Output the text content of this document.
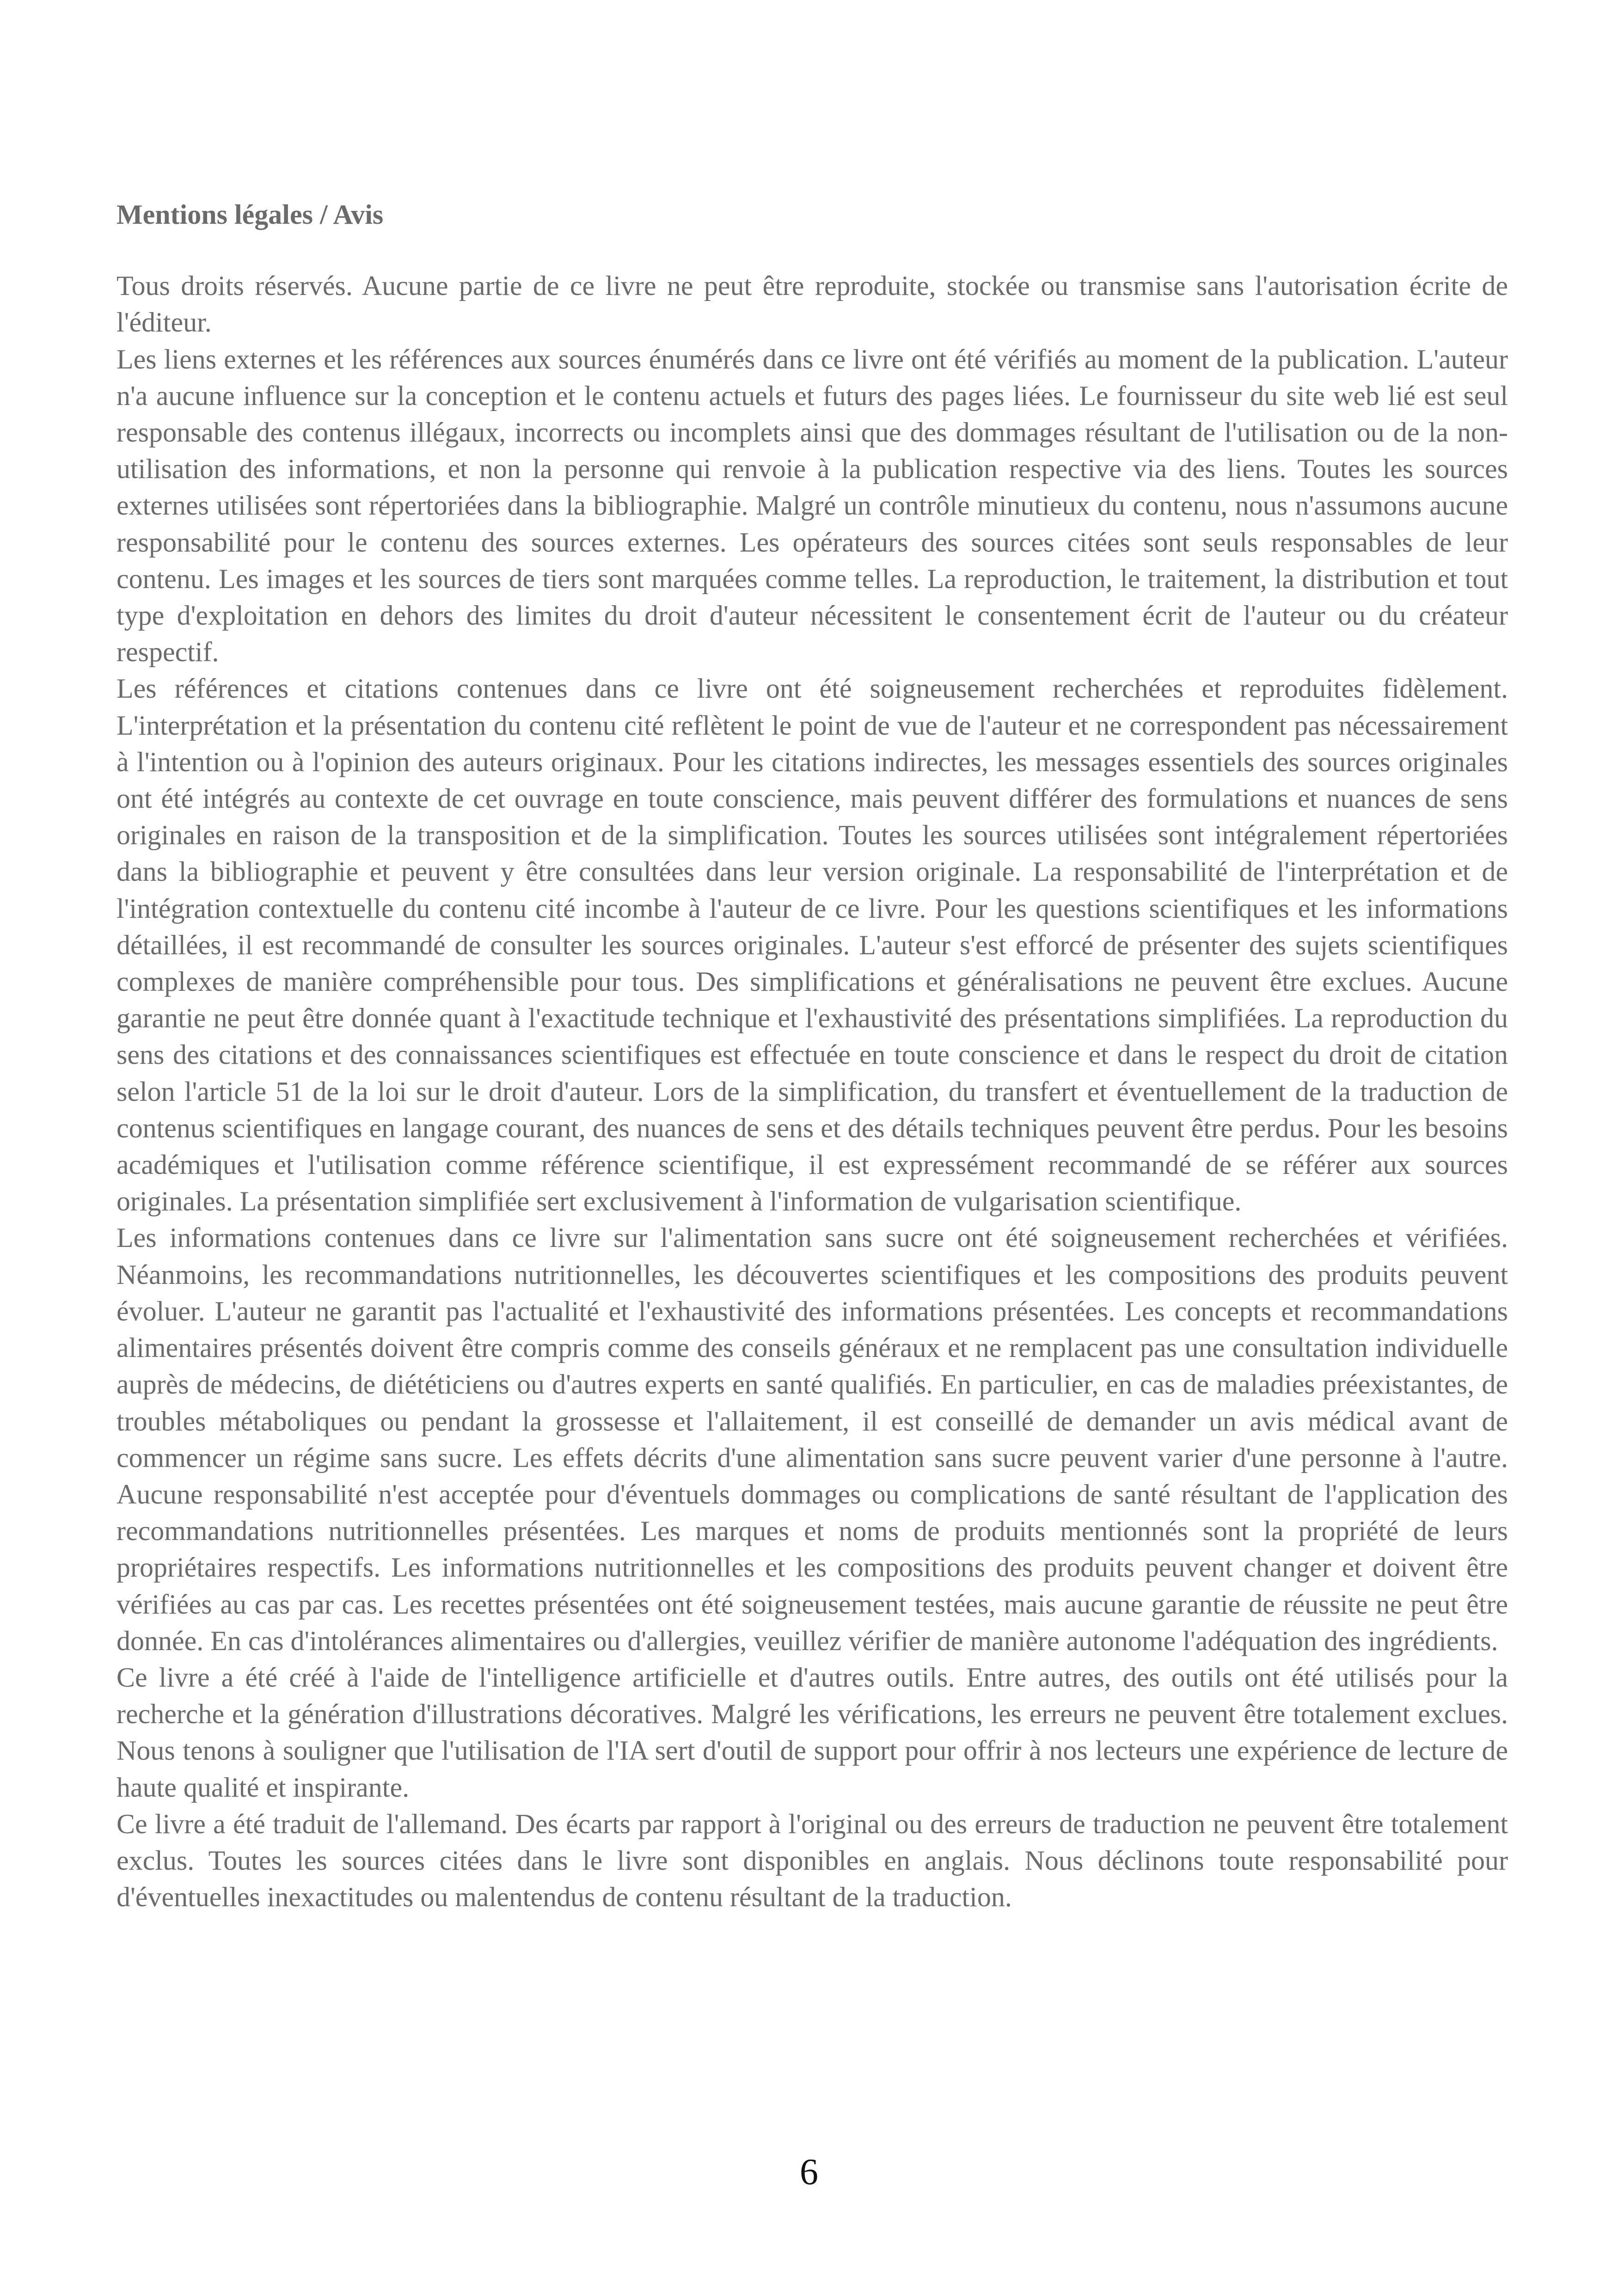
Mentions légales / Avis

Tous droits réservés. Aucune partie de ce livre ne peut être reproduite, stockée ou transmise sans l'autorisation écrite de l'éditeur.

Les liens externes et les références aux sources énumérés dans ce livre ont été vérifiés au moment de la publication. L'auteur n'a aucune influence sur la conception et le contenu actuels et futurs des pages liées. Le fournisseur du site web lié est seul responsable des contenus illégaux, incorrects ou incomplets ainsi que des dommages résultant de l'utilisation ou de la non-utilisation des informations, et non la personne qui renvoie à la publication respective via des liens. Toutes les sources externes utilisées sont répertoriées dans la bibliographie. Malgré un contrôle minutieux du contenu, nous n'assumons aucune responsabilité pour le contenu des sources externes. Les opérateurs des sources citées sont seuls responsables de leur contenu. Les images et les sources de tiers sont marquées comme telles. La reproduction, le traitement, la distribution et tout type d'exploitation en dehors des limites du droit d'auteur nécessitent le consentement écrit de l'auteur ou du créateur respectif.

Les références et citations contenues dans ce livre ont été soigneusement recherchées et reproduites fidèlement. L'interprétation et la présentation du contenu cité reflètent le point de vue de l'auteur et ne correspondent pas nécessairement à l'intention ou à l'opinion des auteurs originaux. Pour les citations indirectes, les messages essentiels des sources originales ont été intégrés au contexte de cet ouvrage en toute conscience, mais peuvent différer des formulations et nuances de sens originales en raison de la transposition et de la simplification. Toutes les sources utilisées sont intégralement répertoriées dans la bibliographie et peuvent y être consultées dans leur version originale. La responsabilité de l'interprétation et de l'intégration contextuelle du contenu cité incombe à l'auteur de ce livre. Pour les questions scientifiques et les informations détaillées, il est recommandé de consulter les sources originales. L'auteur s'est efforcé de présenter des sujets scientifiques complexes de manière compréhensible pour tous. Des simplifications et généralisations ne peuvent être exclues. Aucune garantie ne peut être donnée quant à l'exactitude technique et l'exhaustivité des présentations simplifiées. La reproduction du sens des citations et des connaissances scientifiques est effectuée en toute conscience et dans le respect du droit de citation selon l'article 51 de la loi sur le droit d'auteur. Lors de la simplification, du transfert et éventuellement de la traduction de contenus scientifiques en langage courant, des nuances de sens et des détails techniques peuvent être perdus. Pour les besoins académiques et l'utilisation comme référence scientifique, il est expressément recommandé de se référer aux sources originales. La présentation simplifiée sert exclusivement à l'information de vulgarisation scientifique.

Les informations contenues dans ce livre sur l'alimentation sans sucre ont été soigneusement recherchées et vérifiées. Néanmoins, les recommandations nutritionnelles, les découvertes scientifiques et les compositions des produits peuvent évoluer. L'auteur ne garantit pas l'actualité et l'exhaustivité des informations présentées. Les concepts et recommandations alimentaires présentés doivent être compris comme des conseils généraux et ne remplacent pas une consultation individuelle auprès de médecins, de diététiciens ou d'autres experts en santé qualifiés. En particulier, en cas de maladies préexistantes, de troubles métaboliques ou pendant la grossesse et l'allaitement, il est conseillé de demander un avis médical avant de commencer un régime sans sucre. Les effets décrits d'une alimentation sans sucre peuvent varier d'une personne à l'autre. Aucune responsabilité n'est acceptée pour d'éventuels dommages ou complications de santé résultant de l'application des recommandations nutritionnelles présentées. Les marques et noms de produits mentionnés sont la propriété de leurs propriétaires respectifs. Les informations nutritionnelles et les compositions des produits peuvent changer et doivent être vérifiées au cas par cas. Les recettes présentées ont été soigneusement testées, mais aucune garantie de réussite ne peut être donnée. En cas d'intolérances alimentaires ou d'allergies, veuillez vérifier de manière autonome l'adéquation des ingrédients.

Ce livre a été créé à l'aide de l'intelligence artificielle et d'autres outils. Entre autres, des outils ont été utilisés pour la recherche et la génération d'illustrations décoratives. Malgré les vérifications, les erreurs ne peuvent être totalement exclues. Nous tenons à souligner que l'utilisation de l'IA sert d'outil de support pour offrir à nos lecteurs une expérience de lecture de haute qualité et inspirante.

Ce livre a été traduit de l'allemand. Des écarts par rapport à l'original ou des erreurs de traduction ne peuvent être totalement exclus. Toutes les sources citées dans le livre sont disponibles en anglais. Nous déclinons toute responsabilité pour d'éventuelles inexactitudes ou malentendus de contenu résultant de la traduction.

6
